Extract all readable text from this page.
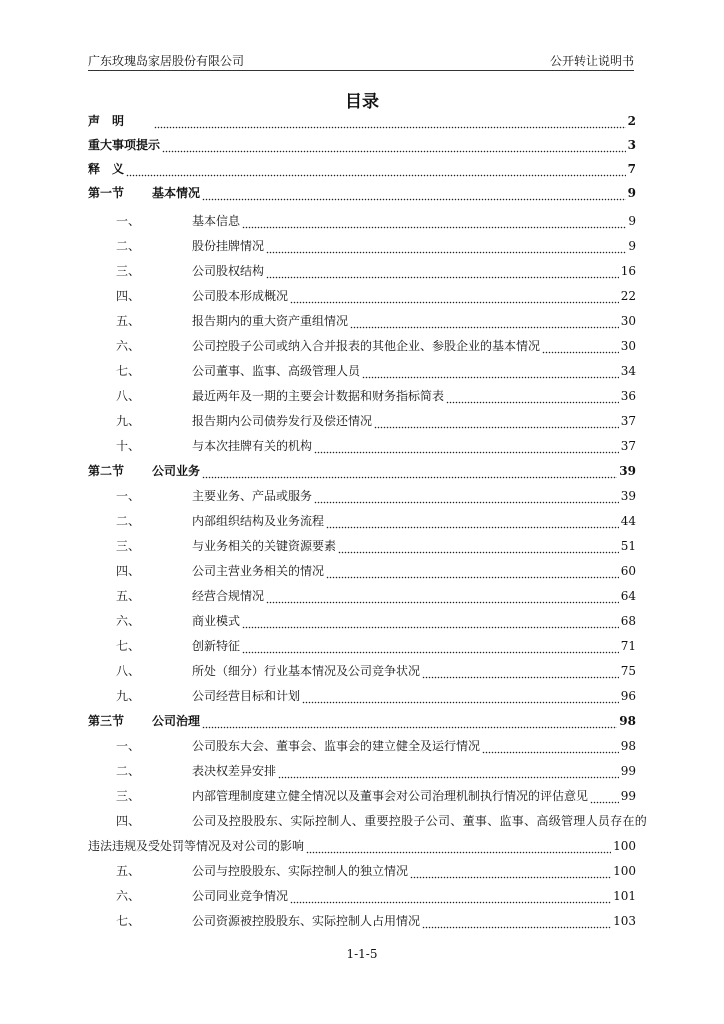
广东玫瑰岛家居股份有限公司	公开转让说明书
目录
声　明	2
重大事项提示	3
释　义	7
第一节	基本情况	9
一、	基本信息	9
二、	股份挂牌情况	9
三、	公司股权结构	16
四、	公司股本形成概况	22
五、	报告期内的重大资产重组情况	30
六、	公司控股子公司或纳入合并报表的其他企业、参股企业的基本情况	30
七、	公司董事、监事、高级管理人员	34
八、	最近两年及一期的主要会计数据和财务指标简表	36
九、	报告期内公司债券发行及偿还情况	37
十、	与本次挂牌有关的机构	37
第二节	公司业务	39
一、	主要业务、产品或服务	39
二、	内部组织结构及业务流程	44
三、	与业务相关的关键资源要素	51
四、	公司主营业务相关的情况	60
五、	经营合规情况	64
六、	商业模式	68
七、	创新特征	71
八、	所处（细分）行业基本情况及公司竞争状况	75
九、	公司经营目标和计划	96
第三节	公司治理	98
一、	公司股东大会、董事会、监事会的建立健全及运行情况	98
二、	表决权差异安排	99
三、	内部管理制度建立健全情况以及董事会对公司治理机制执行情况的评估意见	99
四、	公司及控股股东、实际控制人、重要控股子公司、董事、监事、高级管理人员存在的
违法违规及受处罚等情况及对公司的影响	100
五、	公司与控股股东、实际控制人的独立情况	100
六、	公司同业竞争情况	101
七、	公司资源被控股股东、实际控制人占用情况	103
1-1-5
